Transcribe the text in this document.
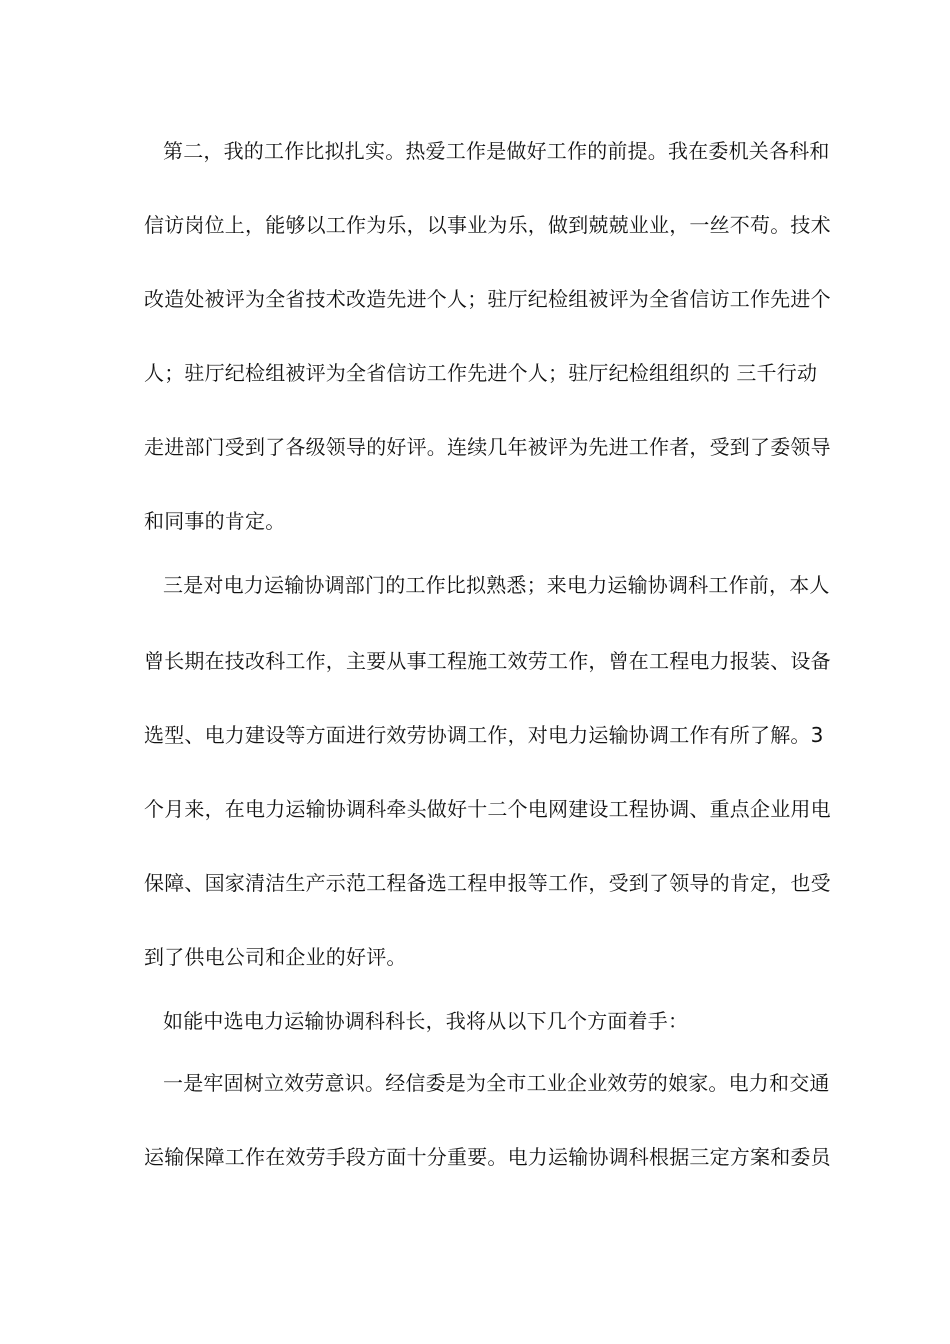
第二，我的工作比拟扎实。热爱工作是做好工作的前提。我在委机关各科和
信访岗位上，能够以工作为乐，以事业为乐，做到兢兢业业，一丝不苟。技术
改造处被评为全省技术改造先进个人；驻厅纪检组被评为全省信访工作先进个
人；驻厅纪检组被评为全省信访工作先进个人；驻厅纪检组组织的 三千行动
走进部门受到了各级领导的好评。连续几年被评为先进工作者，受到了委领导
和同事的肯定。
三是对电力运输协调部门的工作比拟熟悉；来电力运输协调科工作前，本人
曾长期在技改科工作，主要从事工程施工效劳工作，曾在工程电力报装、设备
选型、电力建设等方面进行效劳协调工作，对电力运输协调工作有所了解。3
个月来，在电力运输协调科牵头做好十二个电网建设工程协调、重点企业用电
保障、国家清洁生产示范工程备选工程申报等工作，受到了领导的肯定，也受
到了供电公司和企业的好评。
如能中选电力运输协调科科长，我将从以下几个方面着手：
一是牢固树立效劳意识。经信委是为全市工业企业效劳的娘家。电力和交通
运输保障工作在效劳手段方面十分重要。电力运输协调科根据三定方案和委员
